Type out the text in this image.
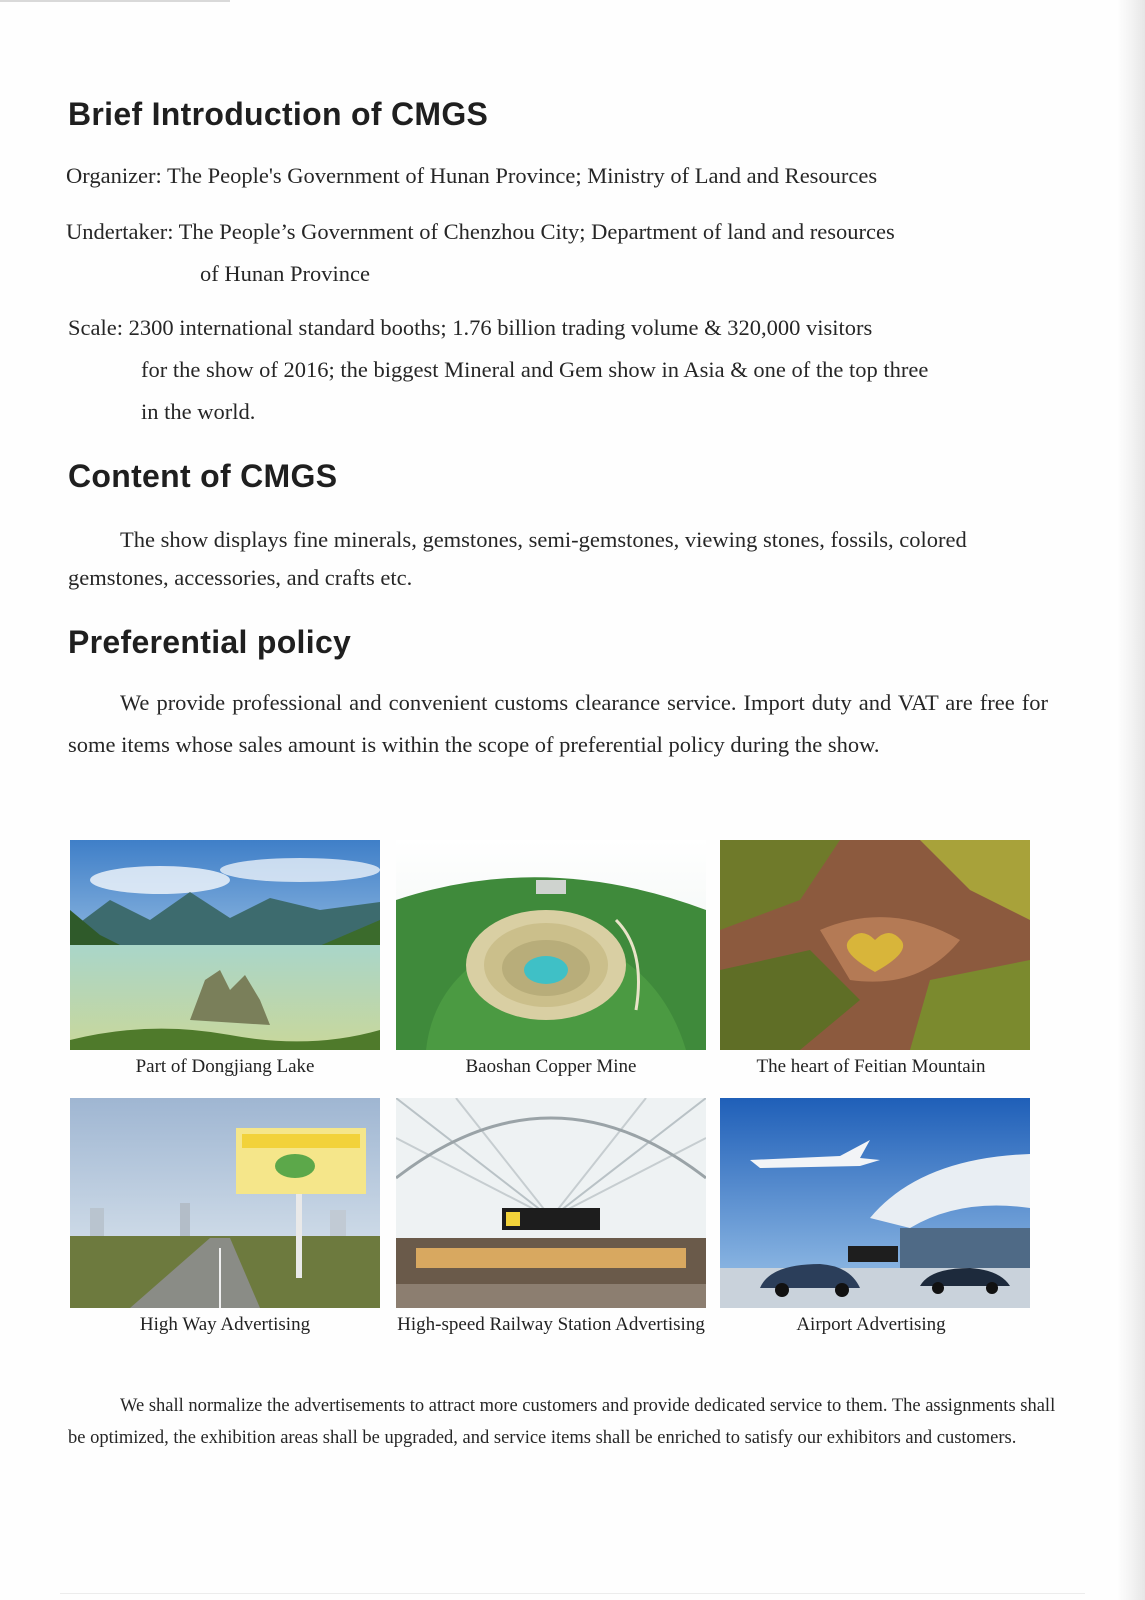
Brief Introduction of CMGS

Organizer: The People's Government of Hunan Province; Ministry of Land and Resources

Undertaker: The People’s Government of Chenzhou City; Department of land and resources

of Hunan Province

Scale: 2300 international standard booths; 1.76 billion trading volume & 320,000 visitors

for the show of 2016; the biggest Mineral and Gem show in Asia & one of the top three

in the world.

Content of CMGS

The show displays fine minerals, gemstones, semi-gemstones, viewing stones, fossils, colored gemstones, accessories, and crafts etc.

Preferential policy

We provide professional and convenient customs clearance service. Import duty and VAT are free for some items whose sales amount is within the scope of preferential policy during the show.

Part of Dongjiang Lake	Baoshan Copper Mine	The heart of Feitian Mountain
High Way Advertising	High-speed Railway Station Advertising	Airport Advertising

We shall normalize the advertisements to attract more customers and provide dedicated service to them. The assignments shall be optimized, the exhibition areas shall be upgraded, and service items shall be enriched to satisfy our exhibitors and customers.
